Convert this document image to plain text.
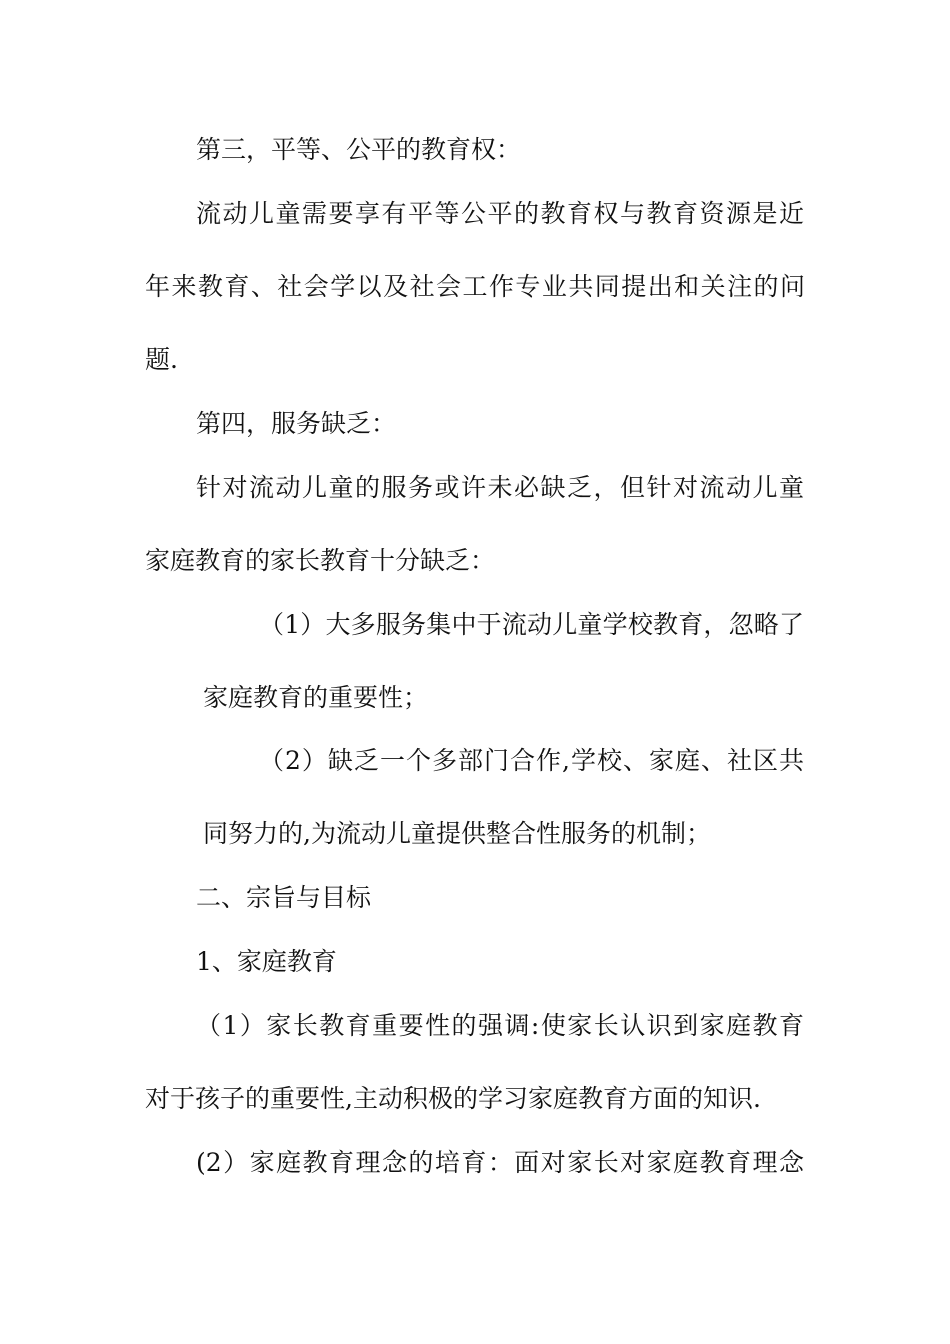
第三，平等、公平的教育权：
流动儿童需要享有平等公平的教育权与教育资源是近
年来教育、社会学以及社会工作专业共同提出和关注的问
题.
第四，服务缺乏：
针对流动儿童的服务或许未必缺乏，但针对流动儿童
家庭教育的家长教育十分缺乏：
（1）大多服务集中于流动儿童学校教育，忽略了
家庭教育的重要性；
（2）缺乏一个多部门合作,学校、家庭、社区共
同努力的,为流动儿童提供整合性服务的机制；
二、宗旨与目标
1、家庭教育
（1）家长教育重要性的强调:使家长认识到家庭教育
对于孩子的重要性,主动积极的学习家庭教育方面的知识.
(2）家庭教育理念的培育：面对家长对家庭教育理念
